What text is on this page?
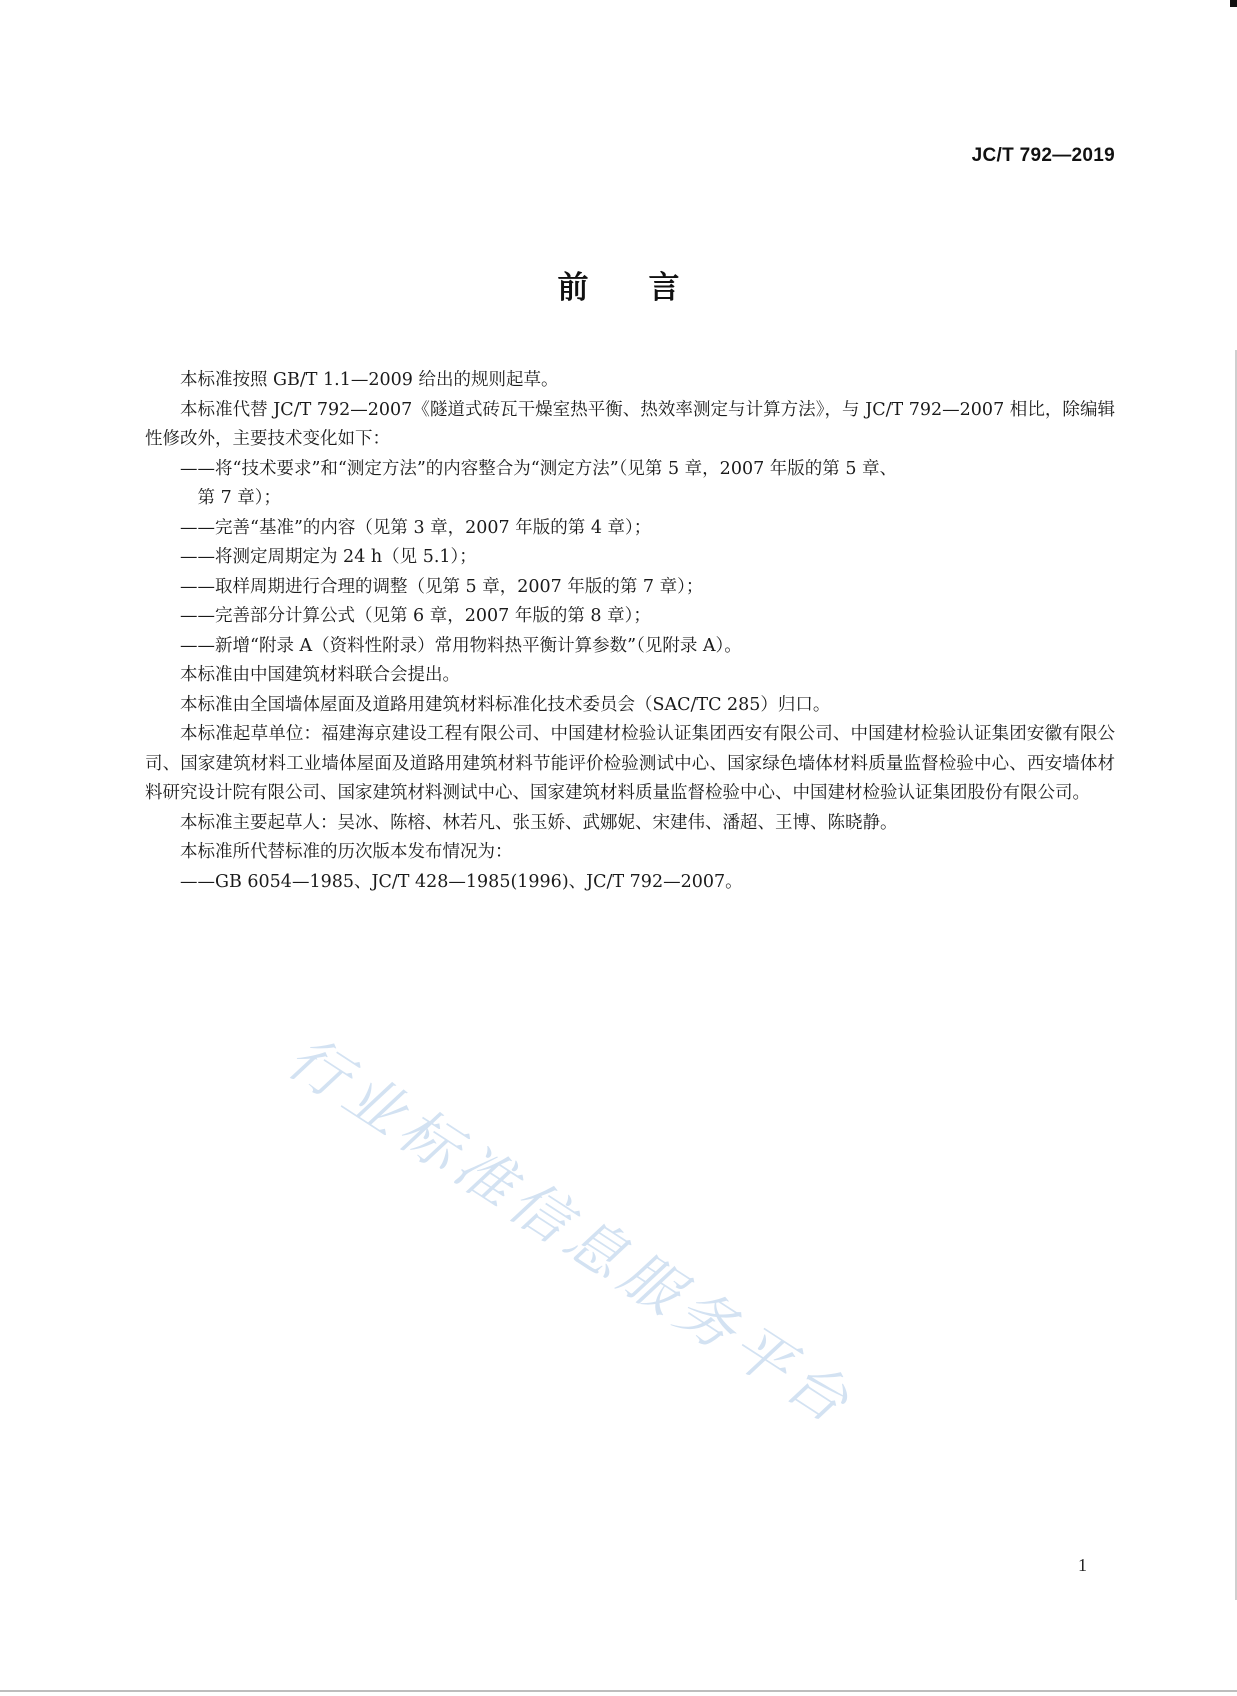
JC/T 792—2019
前 言

本标准按照 GB/T 1.1—2009 给出的规则起草。

本标准代替 JC/T 792—2007《隧道式砖瓦干燥室热平衡、热效率测定与计算方法》，与 JC/T 792—2007 相比，除编辑性修改外，主要技术变化如下：

——将“技术要求”和“测定方法”的内容整合为“测定方法”（见第 5 章，2007 年版的第 5 章、

第 7 章）；

——完善“基准”的内容（见第 3 章，2007 年版的第 4 章）；

——将测定周期定为 24 h（见 5.1）；

——取样周期进行合理的调整（见第 5 章，2007 年版的第 7 章）；

——完善部分计算公式（见第 6 章，2007 年版的第 8 章）；

——新增“附录 A（资料性附录）常用物料热平衡计算参数”（见附录 A）。

本标准由中国建筑材料联合会提出。

本标准由全国墙体屋面及道路用建筑材料标准化技术委员会（SAC/TC 285）归口。

本标准起草单位：福建海京建设工程有限公司、中国建材检验认证集团西安有限公司、中国建材检验认证集团安徽有限公司、国家建筑材料工业墙体屋面及道路用建筑材料节能评价检验测试中心、国家绿色墙体材料质量监督检验中心、西安墙体材料研究设计院有限公司、国家建筑材料测试中心、国家建筑材料质量监督检验中心、中国建材检验认证集团股份有限公司。

本标准主要起草人：吴冰、陈榕、林若凡、张玉娇、武娜妮、宋建伟、潘超、王博、陈晓静。

本标准所代替标准的历次版本发布情况为：

——GB 6054—1985、JC/T 428—1985(1996)、JC/T 792—2007。

行业标准信息服务平台
1
